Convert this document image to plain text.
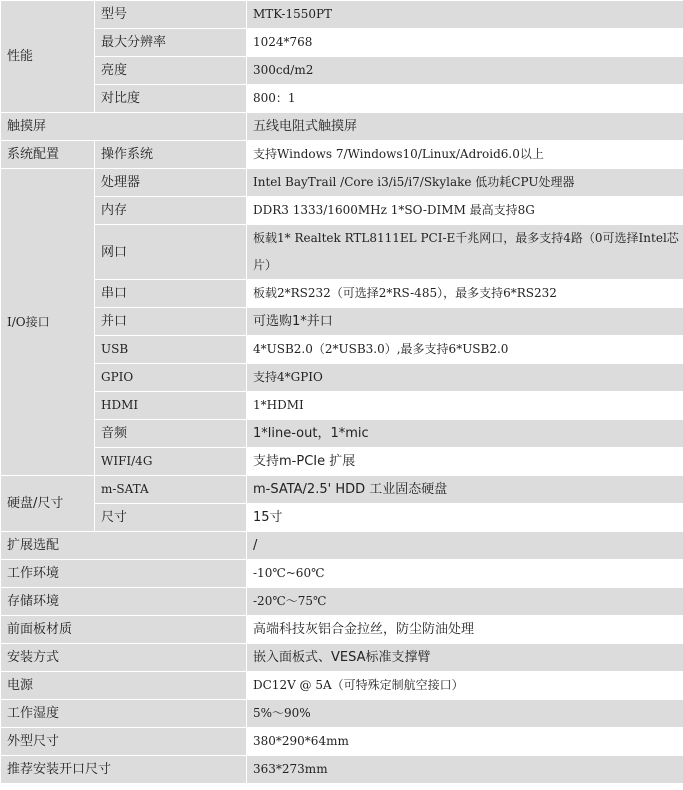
性能	型号	MTK-1550PT
	最大分辨率	1024*768
	亮度	300cd/m2
	对比度	800：1
触摸屏		五线电阻式触摸屏
系统配置	操作系统	支持Windows 7/Windows10/Linux/Adroid6.0以上
I/O接口	处理器	Intel BayTrail /Core i3/i5/i7/Skylake 低功耗CPU处理器
	内存	DDR3 1333/1600MHz 1*SO-DIMM 最高支持8G
	网口	板载1* Realtek RTL8111EL PCI-E千兆网口，最多支持4路（0可选择Intel芯片）
	串口	板载2*RS232（可选择2*RS-485），最多支持6*RS232
	并口	可选购1*并口
	USB	4*USB2.0（2*USB3.0）,最多支持6*USB2.0
	GPIO	支持4*GPIO
	HDMI	1*HDMI
	音频	1*line-out，1*mic
	WIFI/4G	支持m-PCIe 扩展
硬盘/尺寸	m-SATA	m-SATA/2.5' HDD 工业固态硬盘
	尺寸	15寸
扩展选配		/
工作环境		-10℃~60℃
存储环境		-20℃～75℃
前面板材质		高端科技灰铝合金拉丝，防尘防油处理
安装方式		嵌入面板式、VESA标准支撑臂
电源		DC12V @ 5A（可特殊定制航空接口）
工作湿度		5%～90%
外型尺寸		380*290*64mm
推荐安装开口尺寸		363*273mm
